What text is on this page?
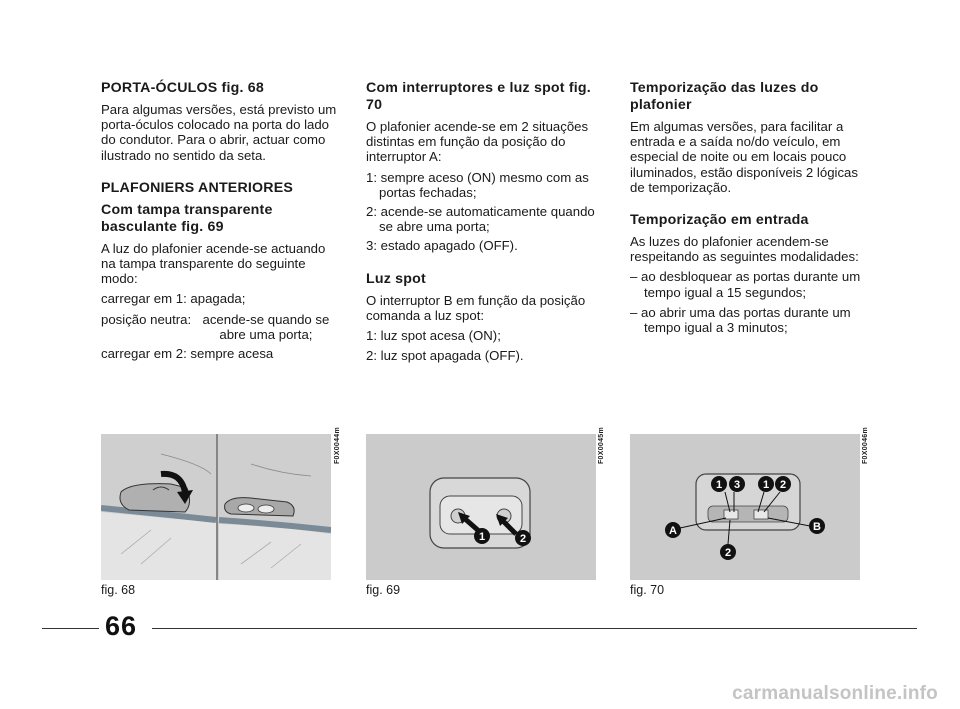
PORTA-ÓCULOS fig. 68
Para algumas versões, está previsto um porta-óculos colocado na porta do lado do condutor. Para o abrir, actuar como ilustrado no sentido da seta.
PLAFONIERS ANTERIORES
Com tampa transparente basculante fig. 69
A luz do plafonier acende-se actuando na tampa transparente do seguinte modo:
carregar em 1: apagada;
posição neutra:
acende-se quando se abre uma porta;
carregar em 2: sempre acesa
Com interruptores e luz spot fig. 70
O plafonier acende-se em 2 situações distintas em função da posição do interruptor A:
1: sempre aceso (ON) mesmo com as portas fechadas;
2: acende-se automaticamente quando se abre uma porta;
3: estado apagado (OFF).
Luz spot
O interruptor B em função da posição comanda a luz spot:
1: luz spot acesa (ON);
2: luz spot apagada (OFF).
Temporização das luzes do plafonier
Em algumas versões, para facilitar a entrada e a saída no/do veículo, em especial de noite ou em locais pouco iluminados, estão disponíveis 2 lógicas de temporização.
Temporização em entrada
As luzes do plafonier acendem-se respeitando as seguintes modalidades:
– ao desbloquear as portas durante um tempo igual a 15 segundos;
– ao abrir uma das portas durante um tempo igual a 3 minutos;
F0X0044m
fig. 68
1	2
F0X0045m
fig. 69
1 3 1 2
A	B
2
F0X0046m
fig. 70
66
carmanualsonline.info
